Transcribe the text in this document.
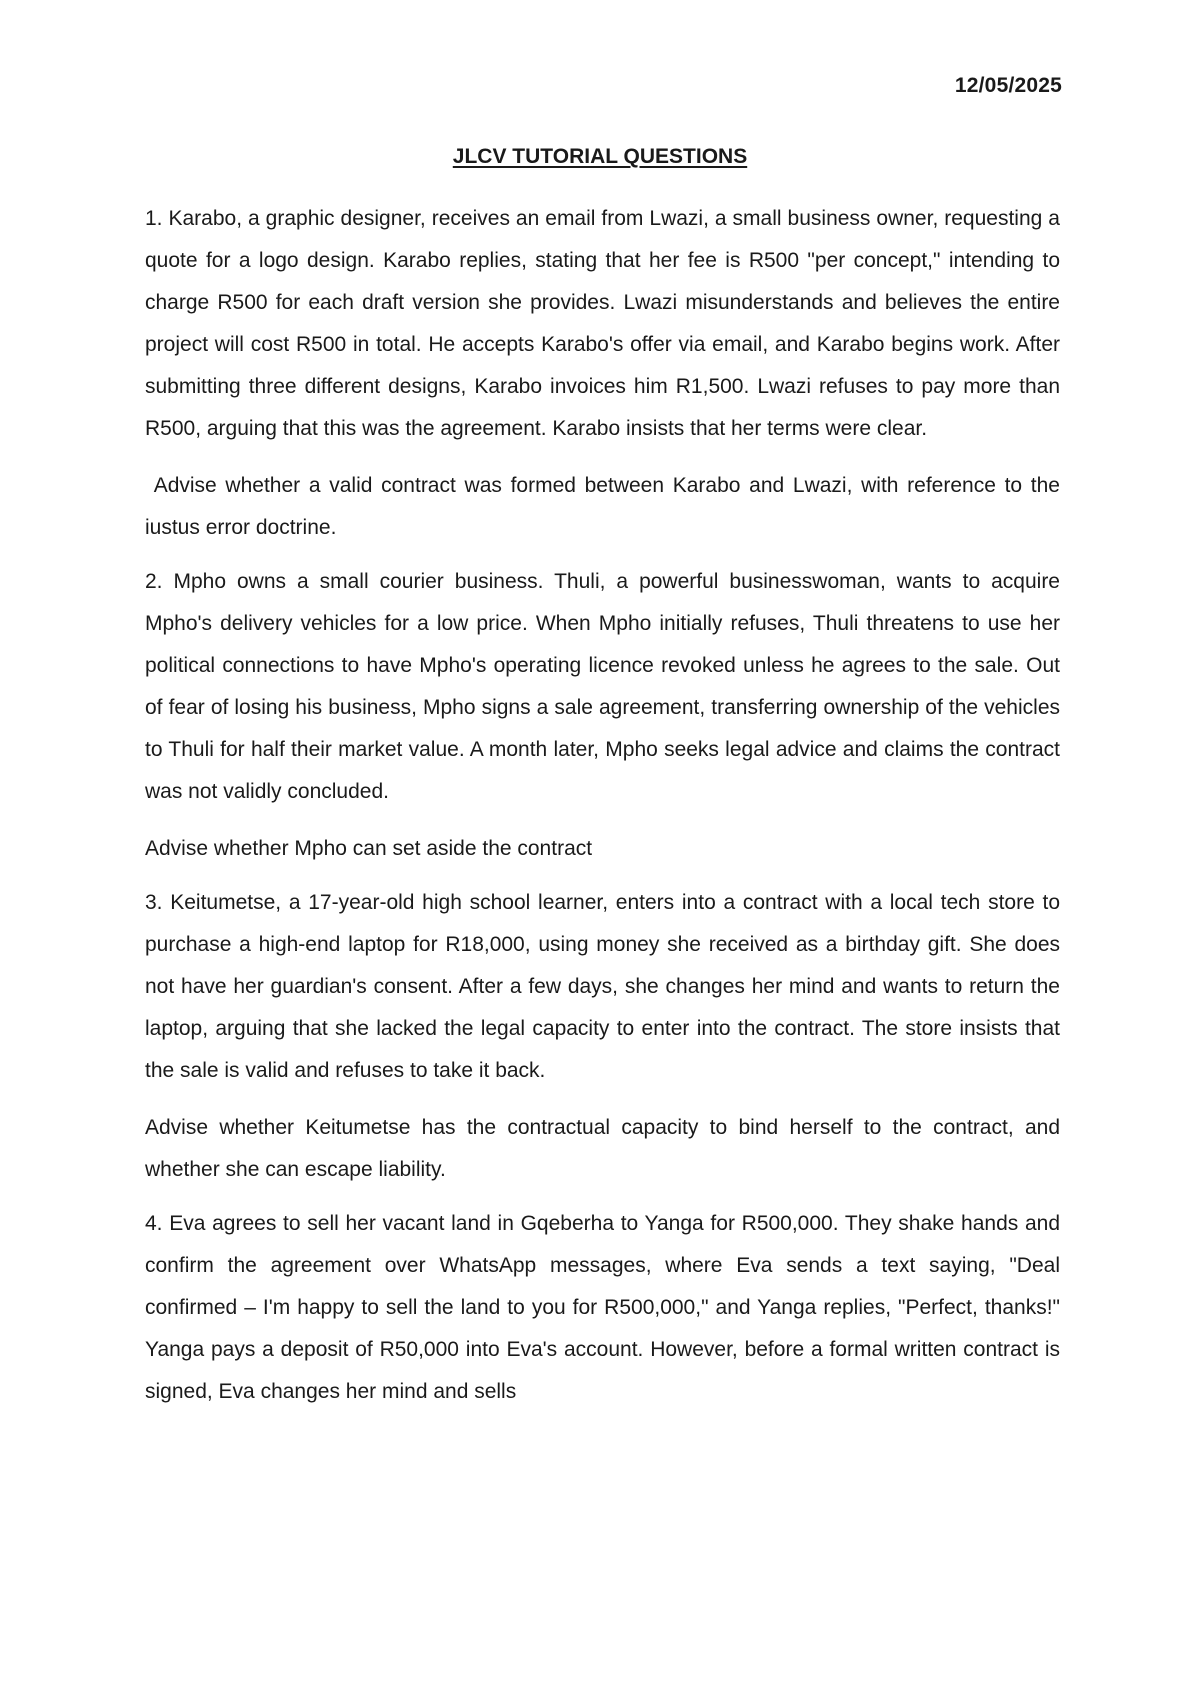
12/05/2025
JLCV TUTORIAL QUESTIONS

1. Karabo, a graphic designer, receives an email from Lwazi, a small business owner, requesting a quote for a logo design. Karabo replies, stating that her fee is R500 "per concept," intending to charge R500 for each draft version she provides. Lwazi misunderstands and believes the entire project will cost R500 in total. He accepts Karabo's offer via email, and Karabo begins work. After submitting three different designs, Karabo invoices him R1,500. Lwazi refuses to pay more than R500, arguing that this was the agreement. Karabo insists that her terms were clear.

Advise whether a valid contract was formed between Karabo and Lwazi, with reference to the iustus error doctrine.

2. Mpho owns a small courier business. Thuli, a powerful businesswoman, wants to acquire Mpho's delivery vehicles for a low price. When Mpho initially refuses, Thuli threatens to use her political connections to have Mpho's operating licence revoked unless he agrees to the sale. Out of fear of losing his business, Mpho signs a sale agreement, transferring ownership of the vehicles to Thuli for half their market value. A month later, Mpho seeks legal advice and claims the contract was not validly concluded.

Advise whether Mpho can set aside the contract

3. Keitumetse, a 17-year-old high school learner, enters into a contract with a local tech store to purchase a high-end laptop for R18,000, using money she received as a birthday gift. She does not have her guardian's consent. After a few days, she changes her mind and wants to return the laptop, arguing that she lacked the legal capacity to enter into the contract. The store insists that the sale is valid and refuses to take it back.

Advise whether Keitumetse has the contractual capacity to bind herself to the contract, and whether she can escape liability.

4. Eva agrees to sell her vacant land in Gqeberha to Yanga for R500,000. They shake hands and confirm the agreement over WhatsApp messages, where Eva sends a text saying, "Deal confirmed – I'm happy to sell the land to you for R500,000," and Yanga replies, "Perfect, thanks!" Yanga pays a deposit of R50,000 into Eva's account. However, before a formal written contract is signed, Eva changes her mind and sells
